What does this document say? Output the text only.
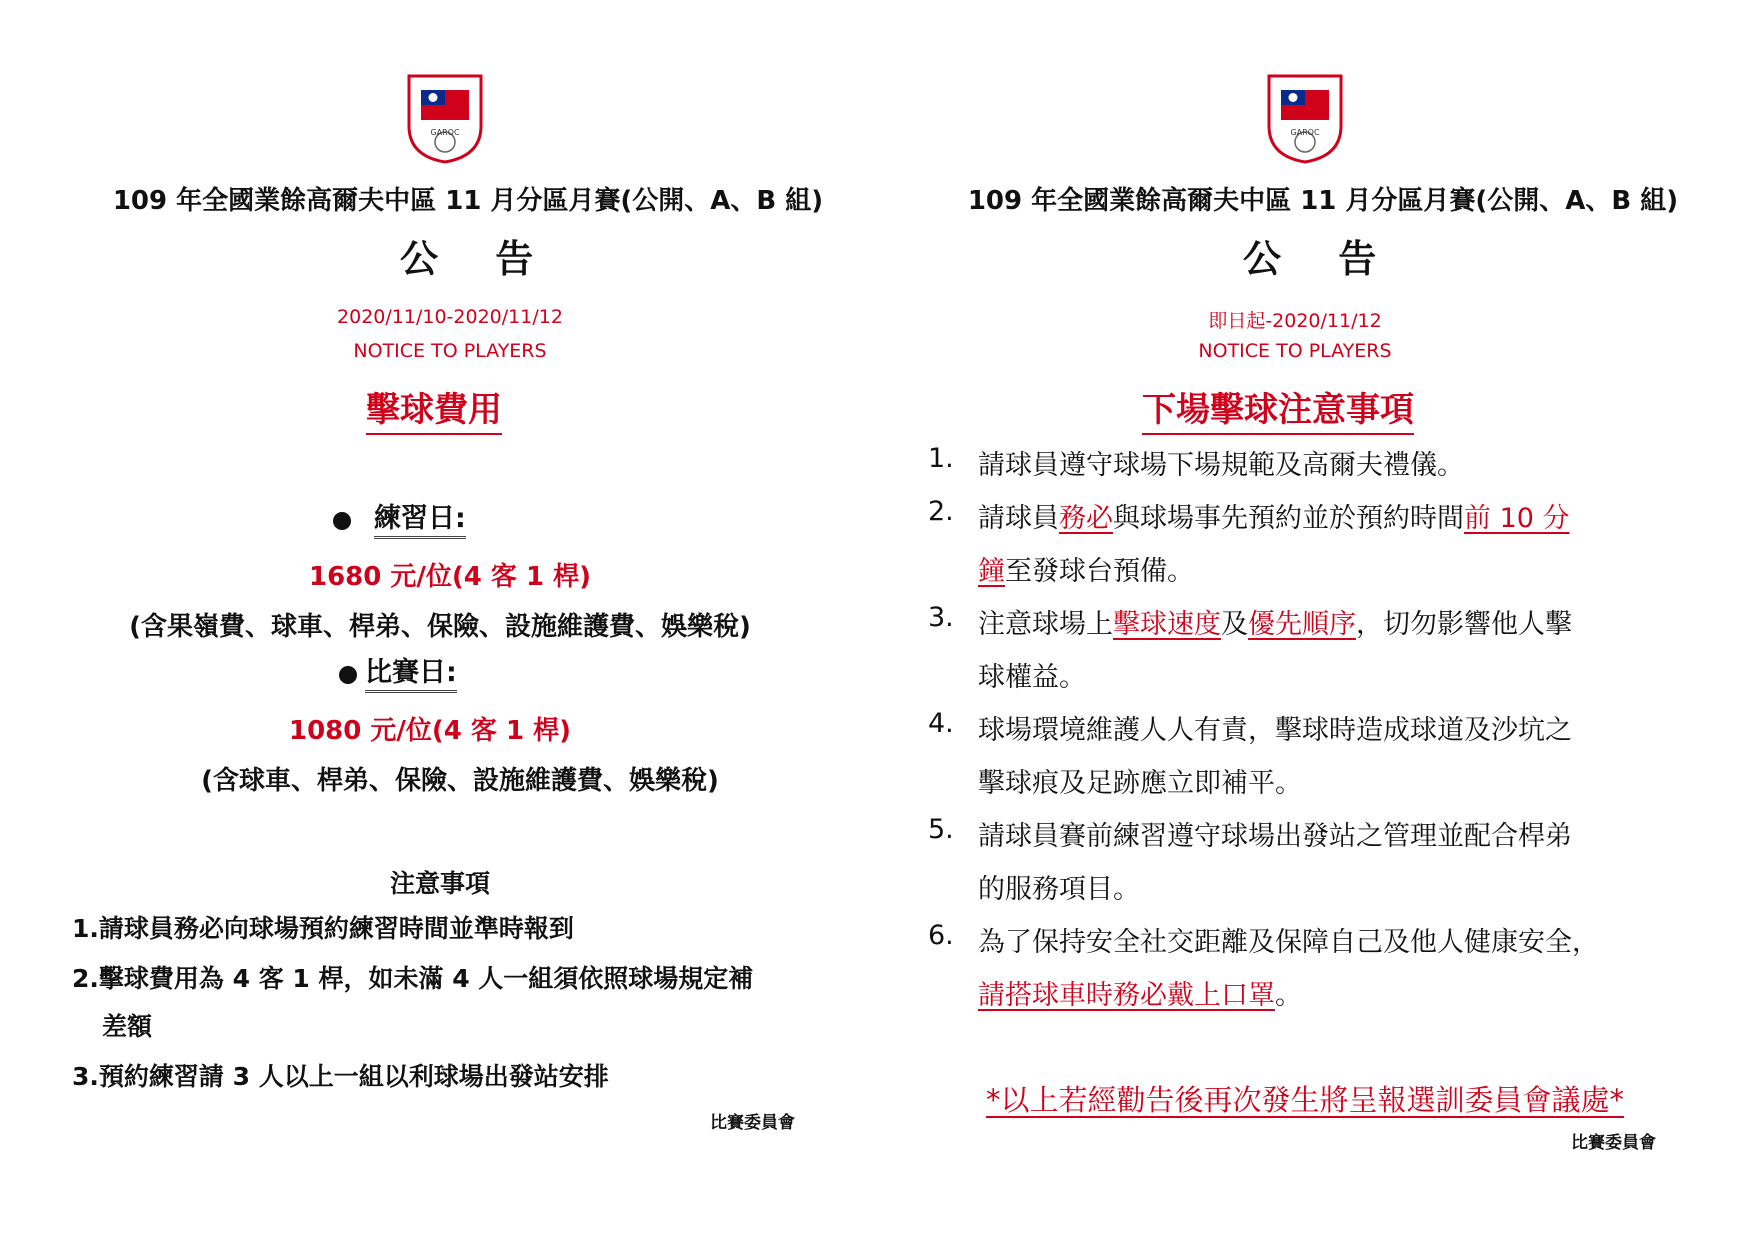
GAROC
109 年全國業餘高爾夫中區 11 月分區月賽(公開、A、B 組)
公 告
2020/11/10-2020/11/12
NOTICE TO PLAYERS
擊球費用
練習日:
1680 元/位(4 客 1 桿)
(含果嶺費、球車、桿弟、保險、設施維護費、娛樂稅)
比賽日:
1080 元/位(4 客 1 桿)
(含球車、桿弟、保險、設施維護費、娛樂稅)
注意事項
1.請球員務必向球場預約練習時間並準時報到
2.擊球費用為 4 客 1 桿，如未滿 4 人一組須依照球場規定補
差額
3.預約練習請 3 人以上一組以利球場出發站安排
比賽委員會
GAROC
109 年全國業餘高爾夫中區 11 月分區月賽(公開、A、B 組)
公 告
即日起-2020/11/12
NOTICE TO PLAYERS
下場擊球注意事項
1. 請球員遵守球場下場規範及高爾夫禮儀。
2. 請球員務必與球場事先預約並於預約時間前 10 分
鐘至發球台預備。
3. 注意球場上擊球速度及優先順序，切勿影響他人擊
球權益。
4. 球場環境維護人人有責，擊球時造成球道及沙坑之
擊球痕及足跡應立即補平。
5. 請球員賽前練習遵守球場出發站之管理並配合桿弟
的服務項目。
6. 為了保持安全社交距離及保障自己及他人健康安全，
請搭球車時務必戴上口罩。
*以上若經勸告後再次發生將呈報選訓委員會議處*
比賽委員會
